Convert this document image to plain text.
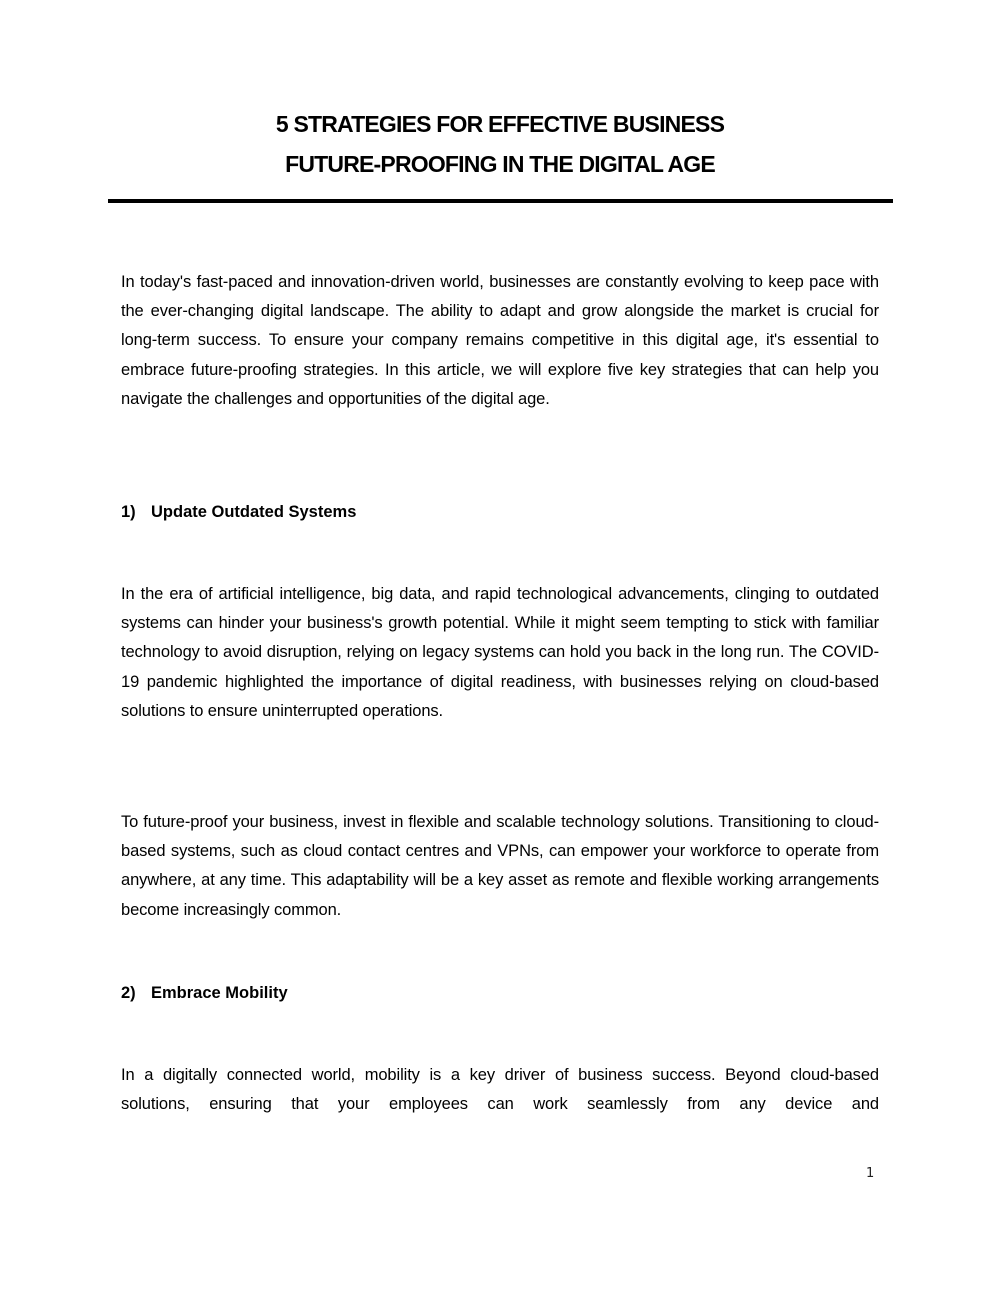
5 STRATEGIES FOR EFFECTIVE BUSINESS
FUTURE-PROOFING IN THE DIGITAL AGE

In today's fast-paced and innovation-driven world, businesses are constantly evolving to keep pace with the ever-changing digital landscape. The ability to adapt and grow alongside the market is crucial for long-term success. To ensure your company remains competitive in this digital age, it's essential to embrace future-proofing strategies. In this article, we will explore five key strategies that can help you navigate the challenges and opportunities of the digital age.

1) Update Outdated Systems

In the era of artificial intelligence, big data, and rapid technological advancements, clinging to outdated systems can hinder your business's growth potential. While it might seem tempting to stick with familiar technology to avoid disruption, relying on legacy systems can hold you back in the long run. The COVID-19 pandemic highlighted the importance of digital readiness, with businesses relying on cloud-based solutions to ensure uninterrupted operations.

To future-proof your business, invest in flexible and scalable technology solutions. Transitioning to cloud-based systems, such as cloud contact centres and VPNs, can empower your workforce to operate from anywhere, at any time. This adaptability will be a key asset as remote and flexible working arrangements become increasingly common.

2) Embrace Mobility

In a digitally connected world, mobility is a key driver of business success. Beyond cloud-based solutions, ensuring that your employees can work seamlessly from any device and

1
